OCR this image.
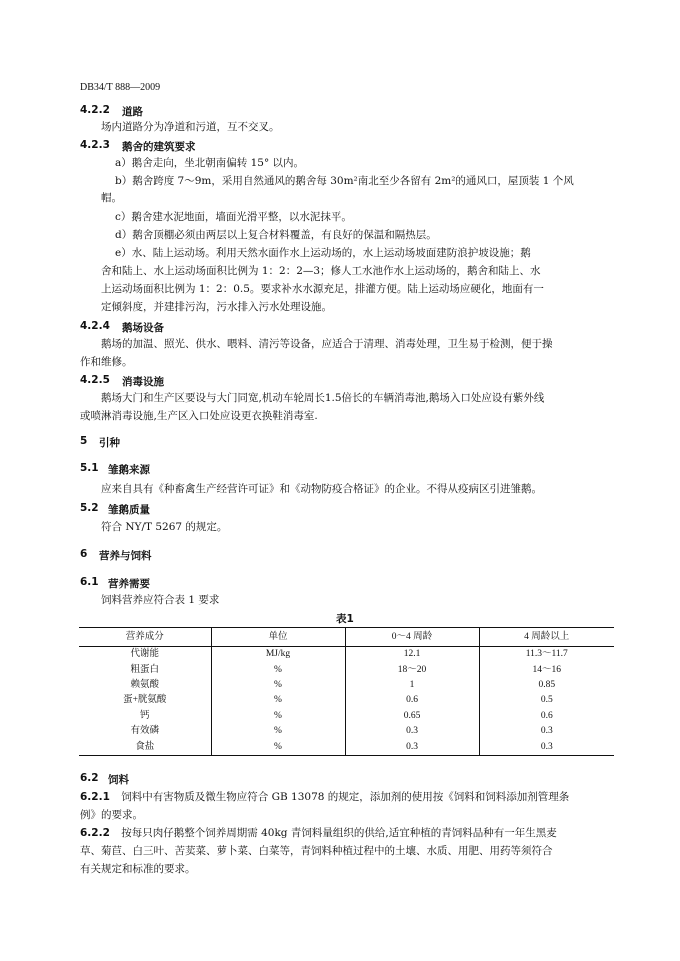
DB34/T 888—2009
4.2.2 道路
场内道路分为净道和污道，互不交叉。
4.2.3 鹅舍的建筑要求
a）鹅舍走向，坐北朝南偏转 15° 以内。
b）鹅舍跨度 7～9m，采用自然通风的鹅舍每 30m²南北至少各留有 2m²的通风口，屋顶装 1 个风
帽。
c）鹅舍建水泥地面，墙面光滑平整，以水泥抹平。
d）鹅舍顶棚必须由两层以上复合材料覆盖，有良好的保温和隔热层。
e）水、陆上运动场。利用天然水面作水上运动场的，水上运动场坡面建防浪护坡设施；鹅
舍和陆上、水上运动场面积比例为 1：2：2—3；修人工水池作水上运动场的，鹅舍和陆上、水
上运动场面积比例为 1：2：0.5。要求补水水源充足，排灌方便。陆上运动场应硬化，地面有一
定倾斜度，并建排污沟，污水排入污水处理设施。
4.2.4 鹅场设备
鹅场的加温、照光、供水、喂料、清污等设备，应适合于清理、消毒处理，卫生易于检测，便于操
作和维修。
4.2.5 消毒设施
鹅场大门和生产区要设与大门同宽,机动车轮周长1.5倍长的车辆消毒池,鹅场入口处应设有紫外线
或喷淋消毒设施,生产区入口处应设更衣换鞋消毒室.
5 引种
5.1 雏鹅来源
应来自具有《种畜禽生产经营许可证》和《动物防疫合格证》的企业。不得从疫病区引进雏鹅。
5.2 雏鹅质量
符合 NY/T 5267 的规定。
6 营养与饲料
6.1 营养需要
饲料营养应符合表 1 要求
表1
营养成分	单位	0～4 周龄	4 周龄以上
代谢能	MJ/kg	12.1	11.3～11.7
粗蛋白	%	18～20	14～16
赖氨酸	%	1	0.85
蛋+胱氨酸	%	0.6	0.5
钙	%	0.65	0.6
有效磷	%	0.3	0.3
食盐	%	0.3	0.3
6.2 饲料
6.2.1 饲料中有害物质及微生物应符合 GB 13078 的规定，添加剂的使用按《饲料和饲料添加剂管理条
例》的要求。
6.2.2 按每只肉仔鹅整个饲养周期需 40kg 青饲料量组织的供给,适宜种植的青饲料品种有一年生黑麦
草、菊苣、白三叶、苦荬菜、萝卜菜、白菜等，青饲料种植过程中的土壤、水质、用肥、用药等须符合
有关规定和标准的要求。
